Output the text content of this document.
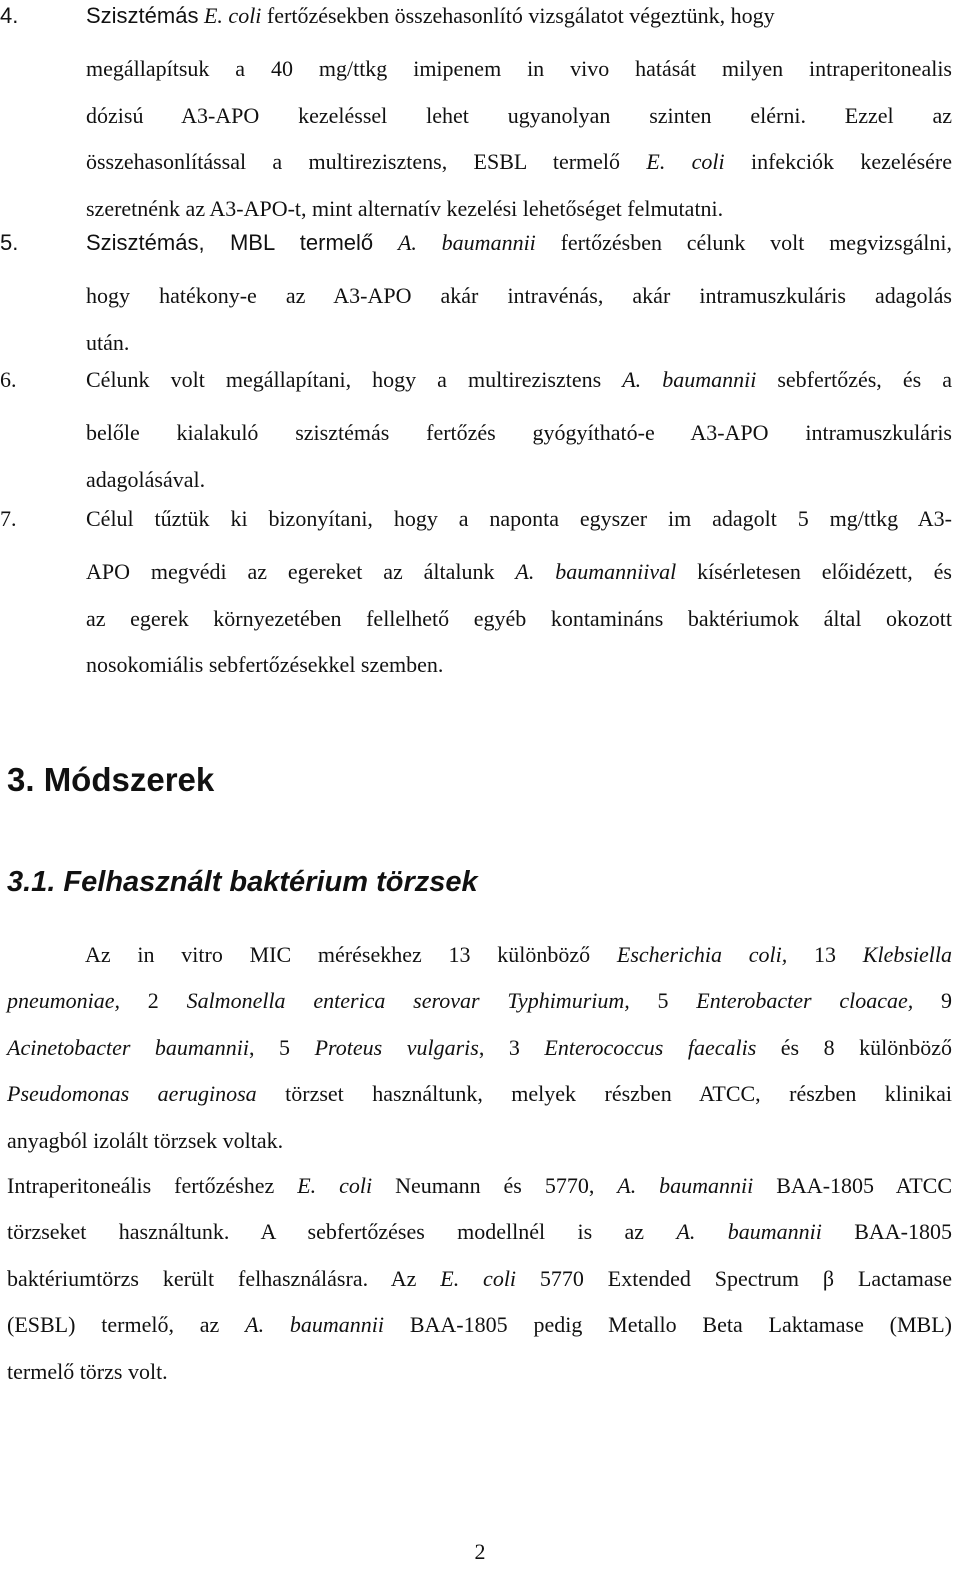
4.	Szisztémás E. coli fertőzésekben összehasonlító vizsgálatot végeztünk, hogy
megállapítsuk a 40 mg/ttkg imipenem in vivo hatását milyen intraperitonealis
dózisú A3-APO kezeléssel lehet ugyanolyan szinten elérni. Ezzel az
összehasonlítással a multirezisztens, ESBL termelő E. coli infekciók kezelésére
szeretnénk az A3-APO-t, mint alternatív kezelési lehetőséget felmutatni.
5.	Szisztémás, MBL termelő A. baumannii fertőzésben célunk volt megvizsgálni,
hogy hatékony-e az A3-APO akár intravénás, akár intramuszkuláris adagolás
után.
6.	Célunk volt megállapítani, hogy a multirezisztens A. baumannii sebfertőzés, és a
belőle kialakuló szisztémás fertőzés gyógyítható-e A3-APO intramuszkuláris
adagolásával.
7.	Célul tűztük ki bizonyítani, hogy a naponta egyszer im adagolt 5 mg/ttkg A3-
APO megvédi az egereket az általunk A. baumanniival kísérletesen előidézett, és
az egerek környezetében fellelhető egyéb kontamináns baktériumok által okozott
nosokomiális sebfertőzésekkel szemben.
3. Módszerek
3.1. Felhasznált baktérium törzsek
Az in vitro MIC mérésekhez 13 különböző Escherichia coli, 13 Klebsiella
pneumoniae, 2 Salmonella enterica serovar Typhimurium, 5 Enterobacter cloacae, 9
Acinetobacter baumannii, 5 Proteus vulgaris, 3 Enterococcus faecalis és 8 különböző
Pseudomonas aeruginosa törzset használtunk, melyek részben ATCC, részben klinikai
anyagból izolált törzsek voltak.
Intraperitoneális fertőzéshez E. coli Neumann és 5770, A. baumannii BAA-1805 ATCC
törzseket használtunk. A sebfertőzéses modellnél is az A. baumannii BAA-1805
baktériumtörzs került felhasználásra. Az E. coli 5770 Extended Spectrum β Lactamase
(ESBL) termelő, az A. baumannii BAA-1805 pedig Metallo Beta Laktamase (MBL)
termelő törzs volt.
2
